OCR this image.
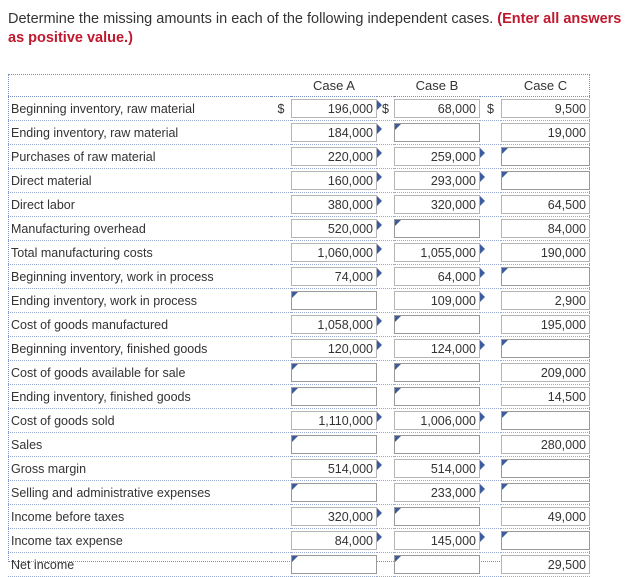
Determine the missing amounts in each of the following independent cases. (Enter all answers as positive value.)
		Case A		Case B		Case C
Beginning inventory, raw material	$	196,000	$	68,000	$	9,500

Ending inventory, raw material		184,000				19,000

Purchases of raw material		220,000		259,000		

Direct material		160,000		293,000		

Direct labor		380,000		320,000		64,500

Manufacturing overhead		520,000				84,000

Total manufacturing costs		1,060,000		1,055,000		190,000

Beginning inventory, work in process		74,000		64,000		

Ending inventory, work in process				109,000		2,900

Cost of goods manufactured		1,058,000				195,000

Beginning inventory, finished goods		120,000		124,000		

Cost of goods available for sale						209,000

Ending inventory, finished goods						14,500

Cost of goods sold		1,110,000		1,006,000		

Sales						280,000

Gross margin		514,000		514,000		

Selling and administrative expenses				233,000		

Income before taxes		320,000				49,000

Income tax expense		84,000		145,000		

Net income						29,500
